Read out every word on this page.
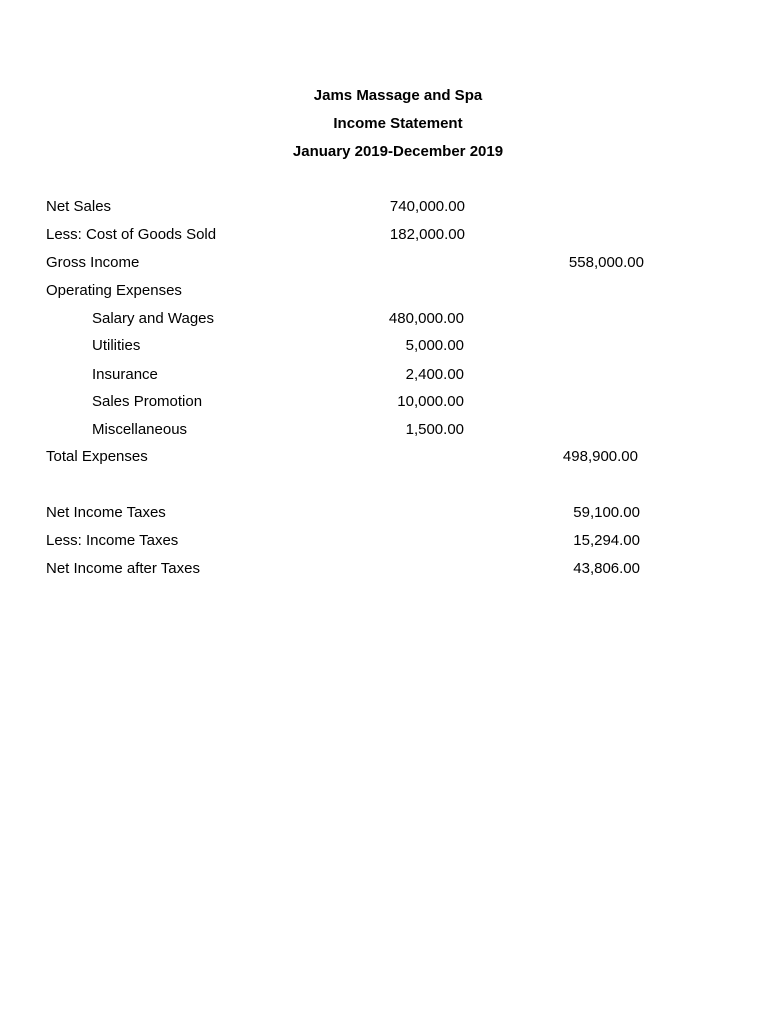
Jams Massage and Spa
Income Statement
January 2019-December 2019
Net Sales	740,000.00
Less: Cost of Goods Sold	182,000.00
Gross Income	558,000.00
Operating Expenses
Salary and Wages	480,000.00
Utilities	5,000.00
Insurance	2,400.00
Sales Promotion	10,000.00
Miscellaneous	1,500.00
Total Expenses	498,900.00
Net Income Taxes	59,100.00
Less: Income Taxes	15,294.00
Net Income after Taxes	43,806.00
